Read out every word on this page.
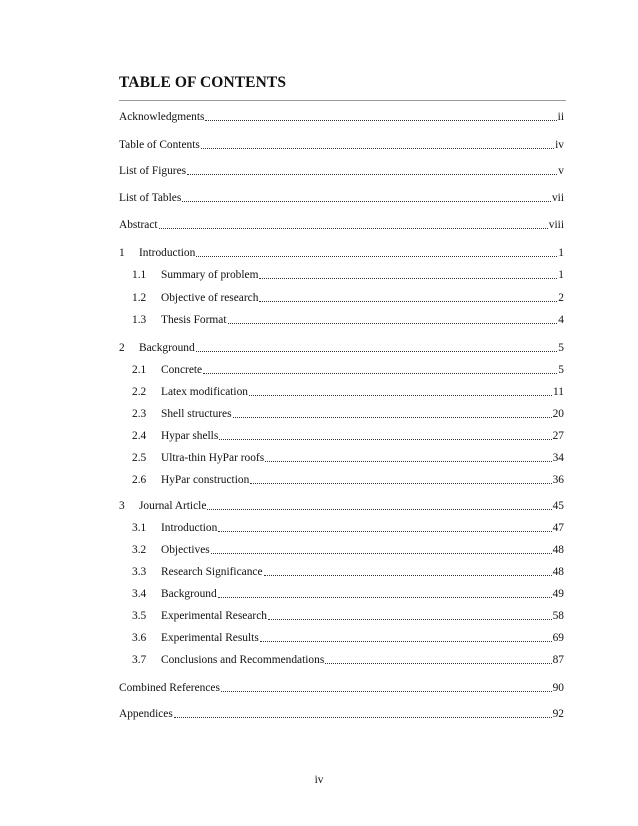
TABLE OF CONTENTS
Acknowledgments	ii
Table of Contents	iv
List of Figures	v
List of Tables	vii
Abstract	viii
1	Introduction	1
1.1	Summary of problem	1
1.2	Objective of research	2
1.3	Thesis Format	4
2	Background	5
2.1	Concrete	5
2.2	Latex modification	11
2.3	Shell structures	20
2.4	Hypar shells	27
2.5	Ultra-thin HyPar roofs	34
2.6	HyPar construction	36
3	Journal Article	45
3.1	Introduction	47
3.2	Objectives	48
3.3	Research Significance	48
3.4	Background	49
3.5	Experimental Research	58
3.6	Experimental Results	69
3.7	Conclusions and Recommendations	87
Combined References	90
Appendices	92
iv
